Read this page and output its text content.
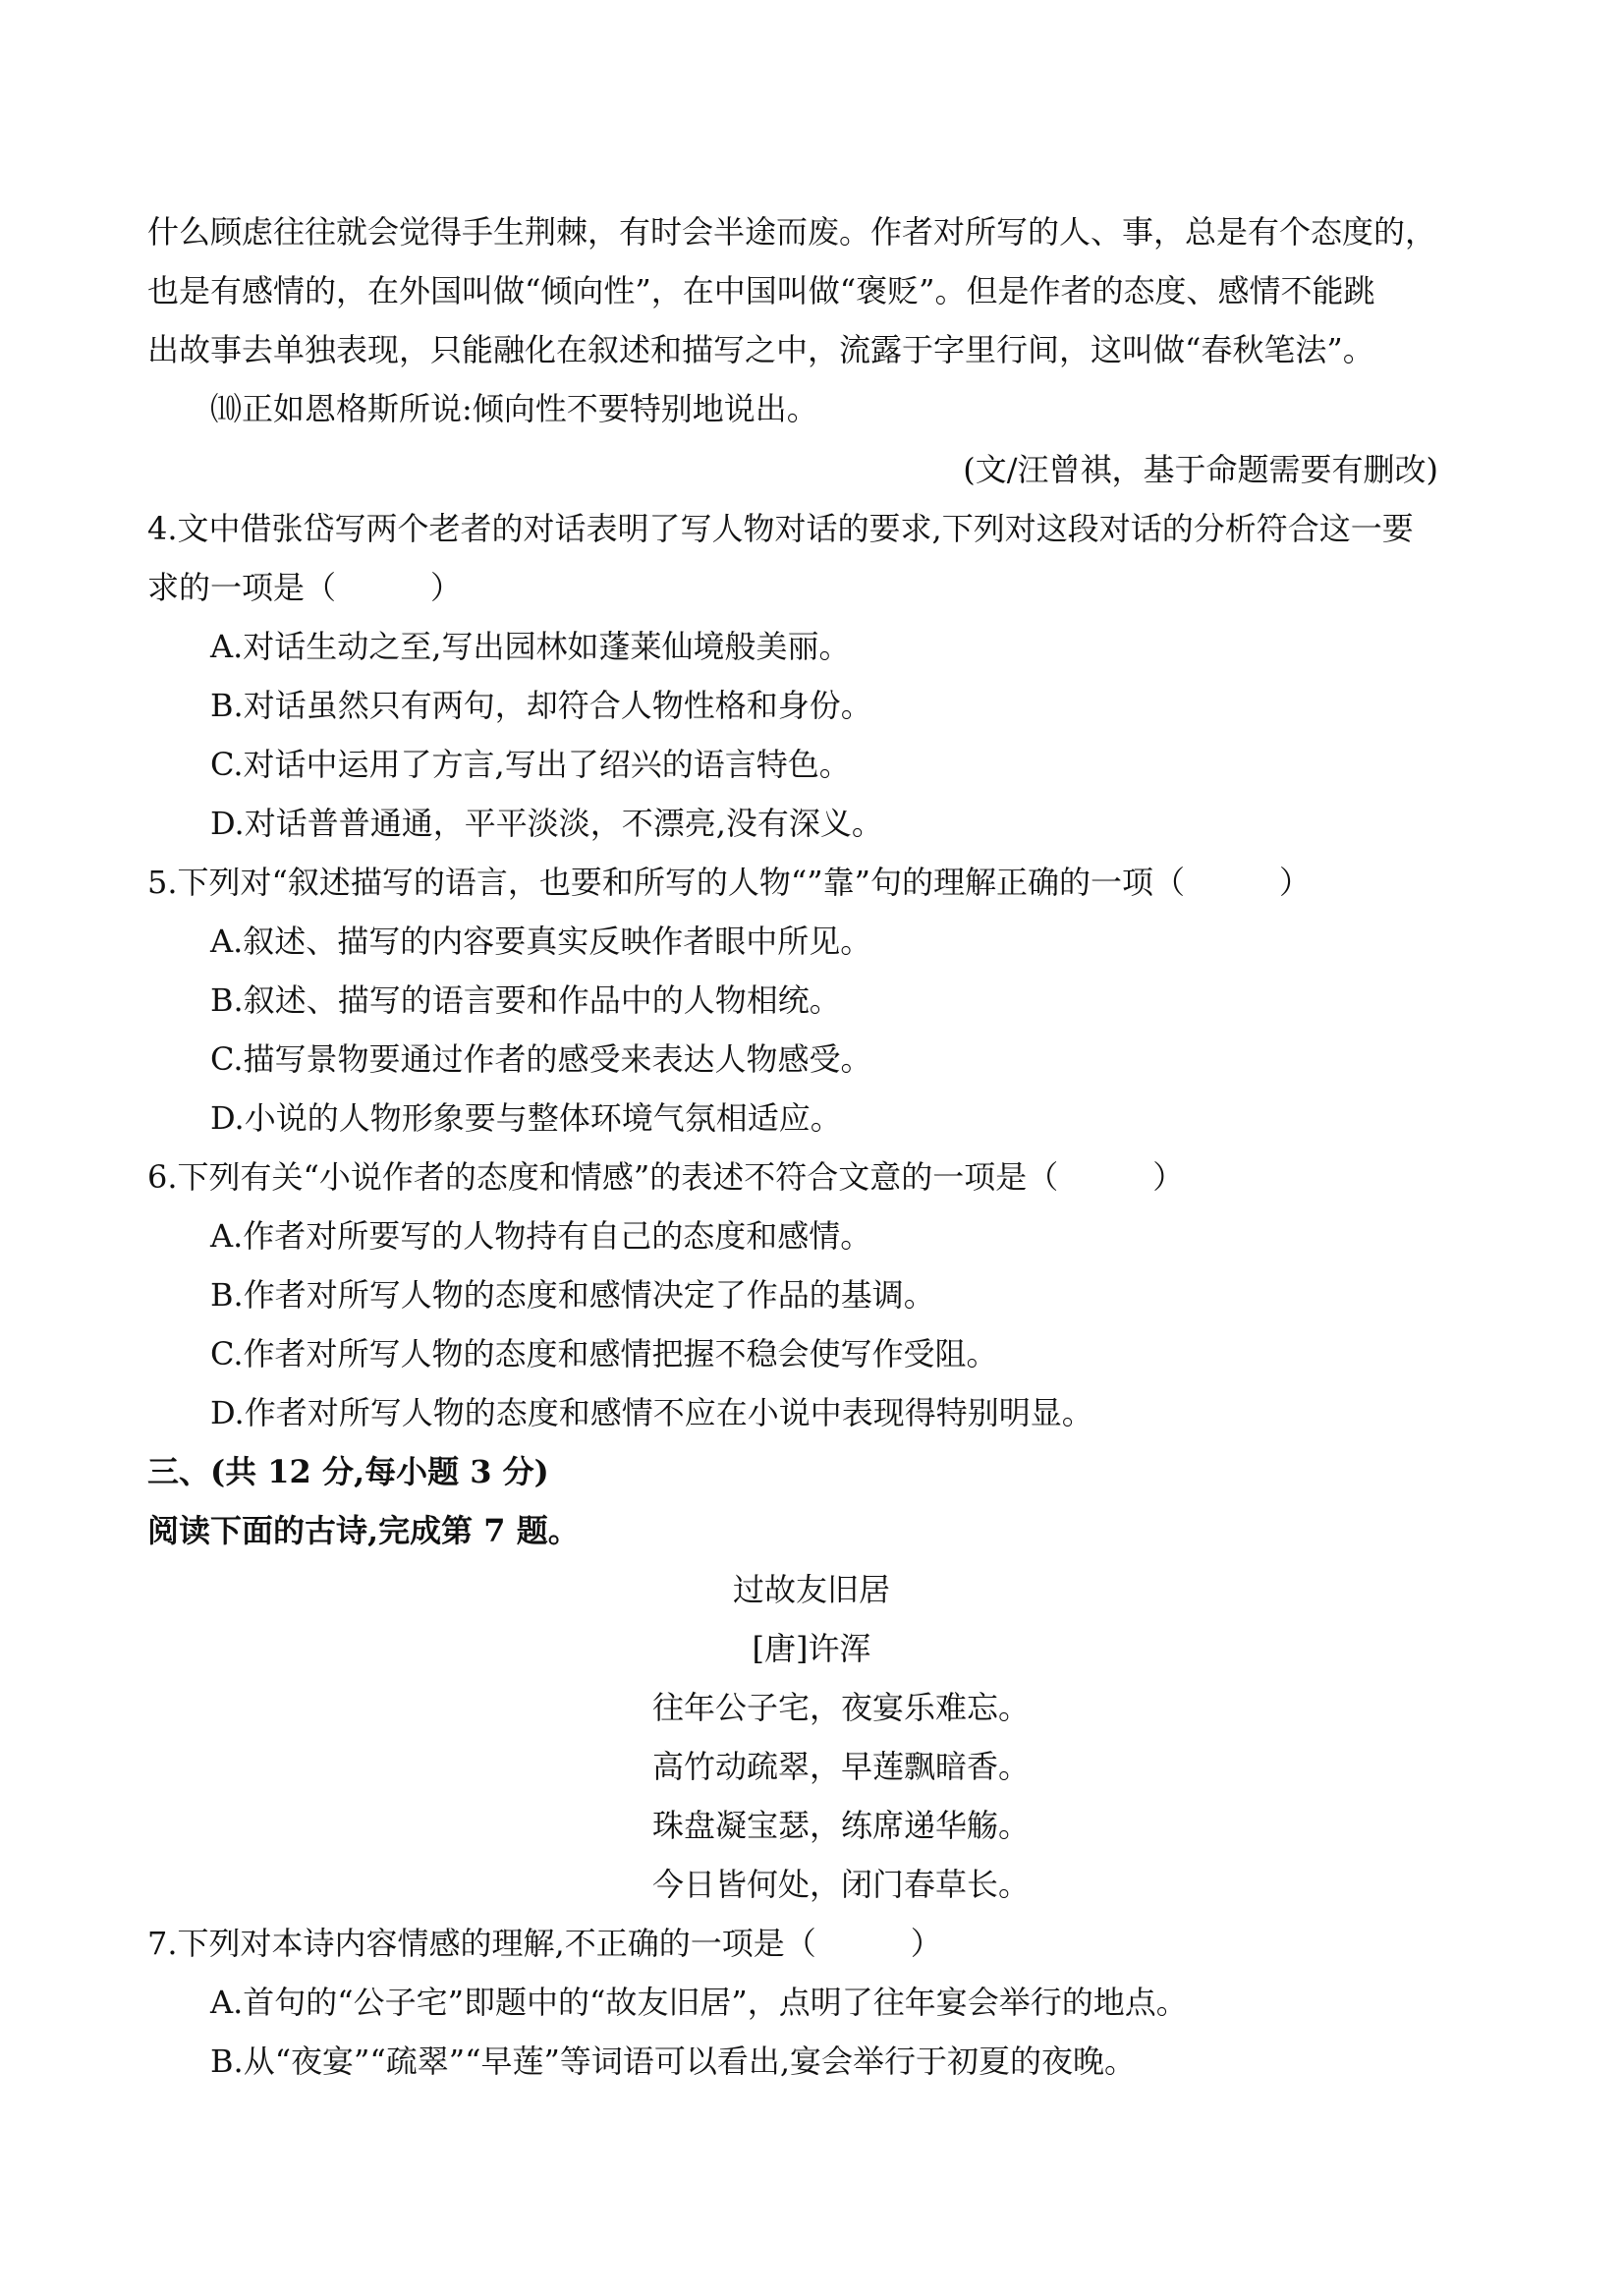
什么顾虑往往就会觉得手生荆棘，有时会半途而废。作者对所写的人、事，总是有个态度的，
也是有感情的，在外国叫做“倾向性”，在中国叫做“褒贬”。但是作者的态度、感情不能跳
出故事去单独表现，只能融化在叙述和描写之中，流露于字里行间，这叫做“春秋笔法”。
⑽正如恩格斯所说:倾向性不要特别地说出。
(文/汪曾祺，基于命题需要有删改)
4.文中借张岱写两个老者的对话表明了写人物对话的要求,下列对这段对话的分析符合这一要
求的一项是（　　　）
A.对话生动之至,写出园林如蓬莱仙境般美丽。
B.对话虽然只有两句，却符合人物性格和身份。
C.对话中运用了方言,写出了绍兴的语言特色。
D.对话普普通通，平平淡淡，不漂亮,没有深义。
5.下列对“叙述描写的语言，也要和所写的人物“”靠”句的理解正确的一项（　　　）
A.叙述、描写的内容要真实反映作者眼中所见。
B.叙述、描写的语言要和作品中的人物相统。
C.描写景物要通过作者的感受来表达人物感受。
D.小说的人物形象要与整体环境气氛相适应。
6.下列有关“小说作者的态度和情感”的表述不符合文意的一项是（　　　）
A.作者对所要写的人物持有自己的态度和感情。
B.作者对所写人物的态度和感情决定了作品的基调。
C.作者对所写人物的态度和感情把握不稳会使写作受阻。
D.作者对所写人物的态度和感情不应在小说中表现得特别明显。
三、(共 12 分,每小题 3 分)
阅读下面的古诗,完成第 7 题。
过故友旧居
[唐]许浑
往年公子宅，夜宴乐难忘。
高竹动疏翠，早莲飘暗香。
珠盘凝宝瑟，练席递华觞。
今日皆何处，闭门春草长。
7.下列对本诗内容情感的理解,不正确的一项是（　　　）
A.首句的“公子宅”即题中的“故友旧居”，点明了往年宴会举行的地点。
B.从“夜宴”“疏翠”“早莲”等词语可以看出,宴会举行于初夏的夜晚。
